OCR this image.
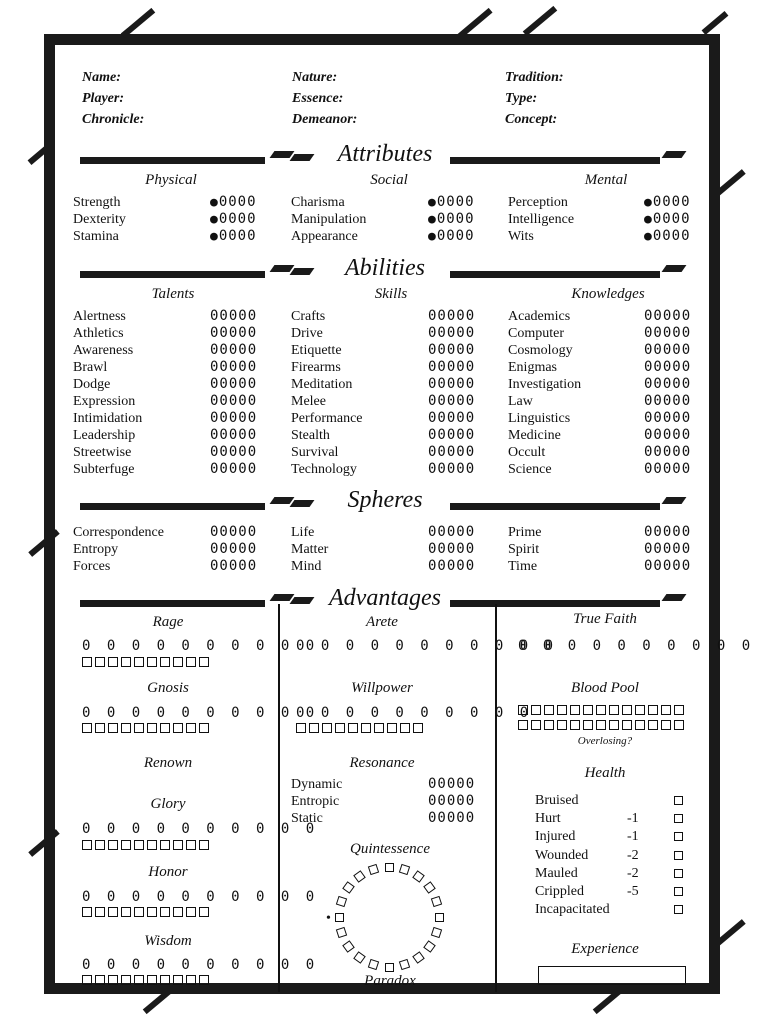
Name:
Player:
Chronicle:
Nature:
Essence:
Demeanor:
Tradition:
Type:
Concept:
Attributes
Physical
Strength	●0000
Dexterity	●0000
Stamina	●0000
Social
Charisma	●0000
Manipulation	●0000
Appearance	●0000
Mental
Perception	●0000
Intelligence	●0000
Wits	●0000
Abilities
Talents
Alertness	00000
Athletics	00000
Awareness	00000
Brawl	00000
Dodge	00000
Expression	00000
Intimidation	00000
Leadership	00000
Streetwise	00000
Subterfuge	00000
Skills
Crafts	00000
Drive	00000
Etiquette	00000
Firearms	00000
Meditation	00000
Melee	00000
Performance	00000
Stealth	00000
Survival	00000
Technology	00000
Knowledges
Academics	00000
Computer	00000
Cosmology	00000
Enigmas	00000
Investigation	00000
Law	00000
Linguistics	00000
Medicine	00000
Occult	00000
Science	00000
Spheres
Correspondence	00000
Entropy	00000
Forces	00000
Life	00000
Matter	00000
Mind	00000
Prime	00000
Spirit	00000
Time	00000
Advantages
Rage
0 0 0 0 0 0 0 0 0 0
Gnosis
0 0 0 0 0 0 0 0 0 0
Renown
Glory
0 0 0 0 0 0 0 0 0 0
Honor
0 0 0 0 0 0 0 0 0 0
Wisdom
0 0 0 0 0 0 0 0 0 0
Arete
0 0 0 0 0 0 0 0 0 0 0
Willpower
0 0 0 0 0 0 0 0 0 0
Resonance
Dynamic	00000
Entropic	00000
Static	00000
Quintessence
•
Paradox
True Faith
0 0 0 0 0 0 0 0 0 0
Blood Pool
Overlosing?
Health
Bruised
Hurt	-1
Injured	-1
Wounded	-2
Mauled	-2
Crippled	-5
Incapacitated
Experience
